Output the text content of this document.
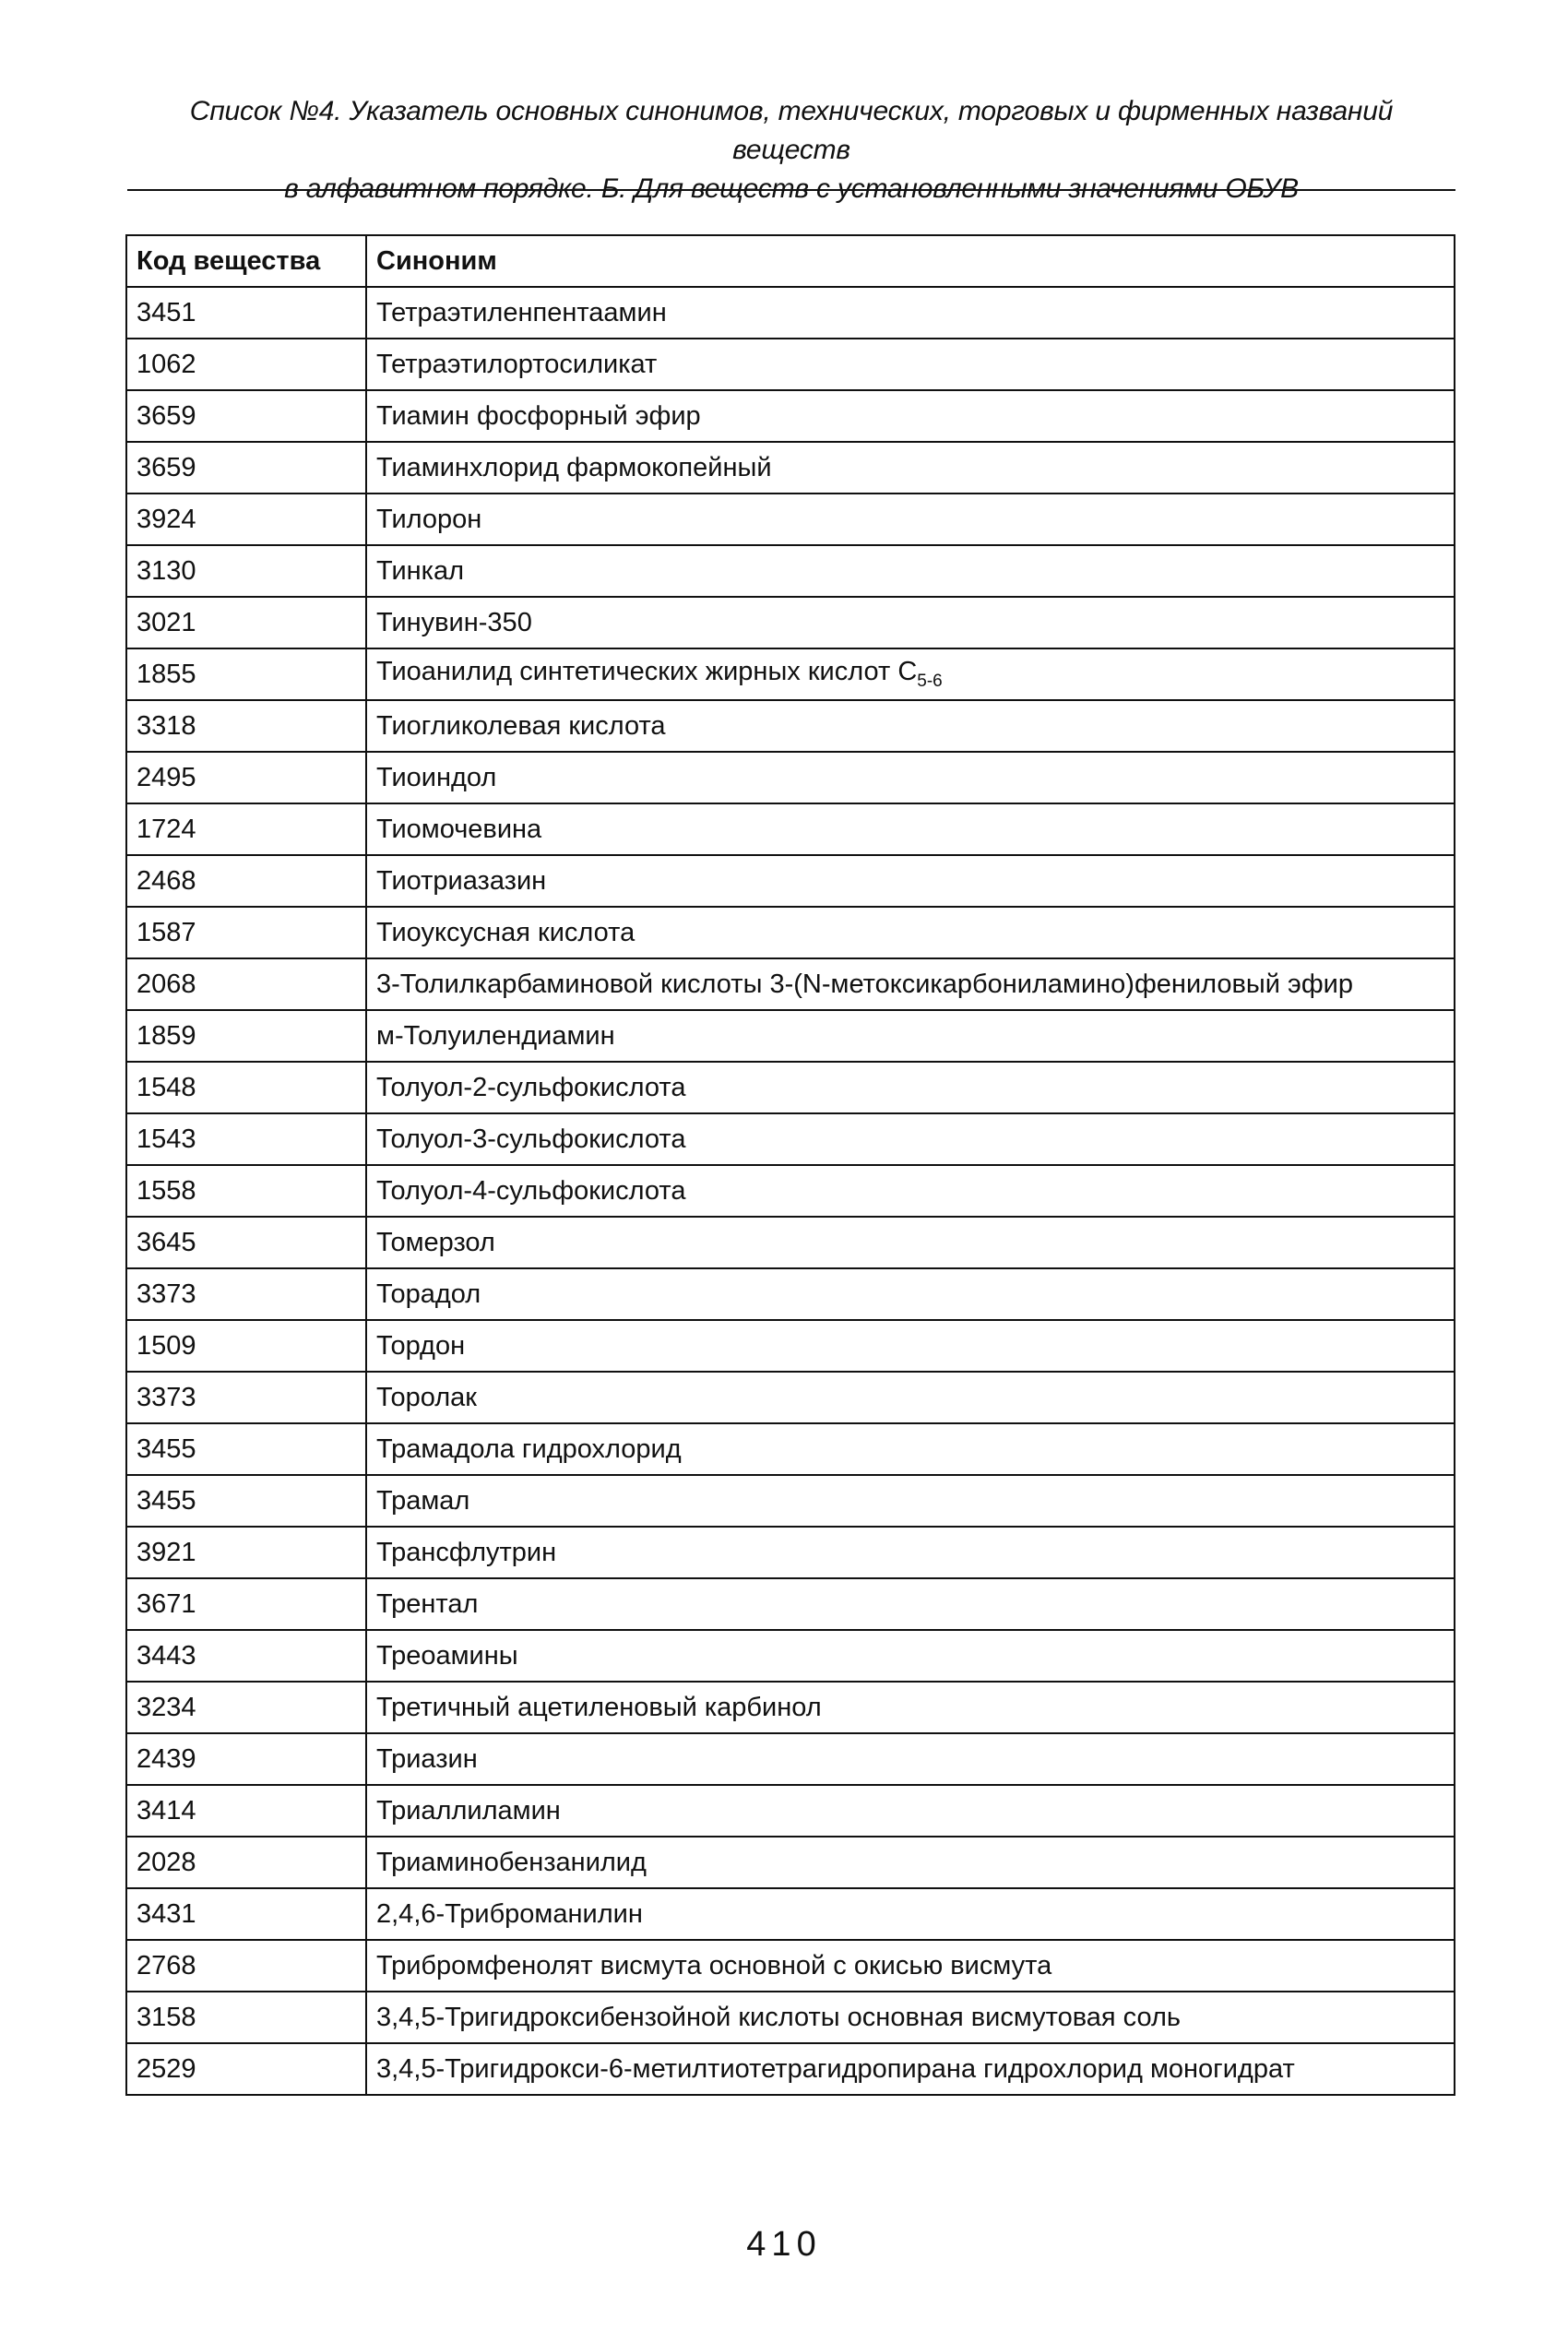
Список №4. Указатель основных синонимов, технических, торговых и фирменных названий веществ
в алфавитном порядке. Б. Для веществ с установленными значениями ОБУВ
Код вещества	Синоним
3451	Тетраэтиленпентаамин
1062	Тетраэтилортосиликат
3659	Тиамин фосфорный эфир
3659	Тиаминхлорид фармокопейный
3924	Тилорон
3130	Тинкал
3021	Тинувин-350
1855	Тиоанилид синтетических жирных кислот $C_{5-6}$
3318	Тиогликолевая кислота
2495	Тиоиндол
1724	Тиомочевина
2468	Тиотриазазин
1587	Тиоуксусная кислота
2068	3-Толилкарбаминовой кислоты 3-(N-метоксикарбониламино)фениловый эфир
1859	м-Толуилендиамин
1548	Толуол-2-сульфокислота
1543	Толуол-3-сульфокислота
1558	Толуол-4-сульфокислота
3645	Томерзол
3373	Торадол
1509	Тордон
3373	Торолак
3455	Трамадола гидрохлорид
3455	Трамал
3921	Трансфлутрин
3671	Трентал
3443	Треоамины
3234	Третичный ацетиленовый карбинол
2439	Триазин
3414	Триаллиламин
2028	Триаминобензанилид
3431	2,4,6-Триброманилин
2768	Трибромфенолят висмута основной с окисью висмута
3158	3,4,5-Тригидроксибензойной кислоты основная висмутовая соль
2529	3,4,5-Тригидрокси-6-метилтиотетрагидропирана гидрохлорид моногидрат
410
